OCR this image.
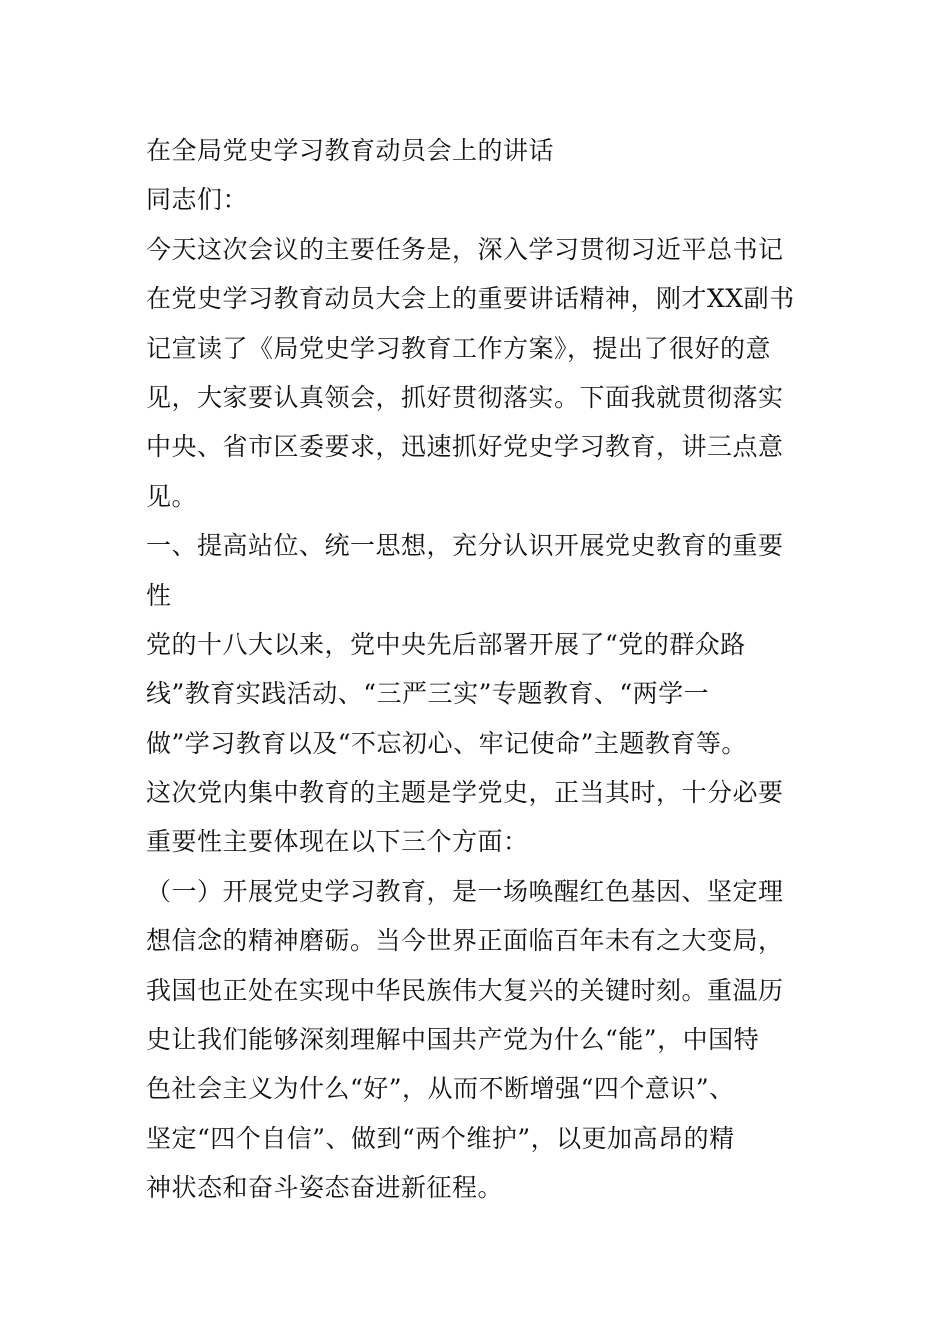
在全局党史学习教育动员会上的讲话
同志们：
今天这次会议的主要任务是，深入学习贯彻习近平总书记
在党史学习教育动员大会上的重要讲话精神，刚才XX副书
记宣读了《局党史学习教育工作方案》，提出了很好的意
见，大家要认真领会，抓好贯彻落实。下面我就贯彻落实
中央、省市区委要求，迅速抓好党史学习教育，讲三点意
见。
一、提高站位、统一思想，充分认识开展党史教育的重要
性
党的十八大以来，党中央先后部署开展了“党的群众路
线”教育实践活动、“三严三实”专题教育、“两学一
做”学习教育以及“不忘初心、牢记使命”主题教育等。
这次党内集中教育的主题是学党史，正当其时，十分必要
重要性主要体现在以下三个方面：
（一）开展党史学习教育，是一场唤醒红色基因、坚定理
想信念的精神磨砺。当今世界正面临百年未有之大变局，
我国也正处在实现中华民族伟大复兴的关键时刻。重温历
史让我们能够深刻理解中国共产党为什么“能”，中国特
色社会主义为什么“好”，从而不断增强“四个意识”、
坚定“四个自信”、做到“两个维护”，以更加高昂的精
神状态和奋斗姿态奋进新征程。
